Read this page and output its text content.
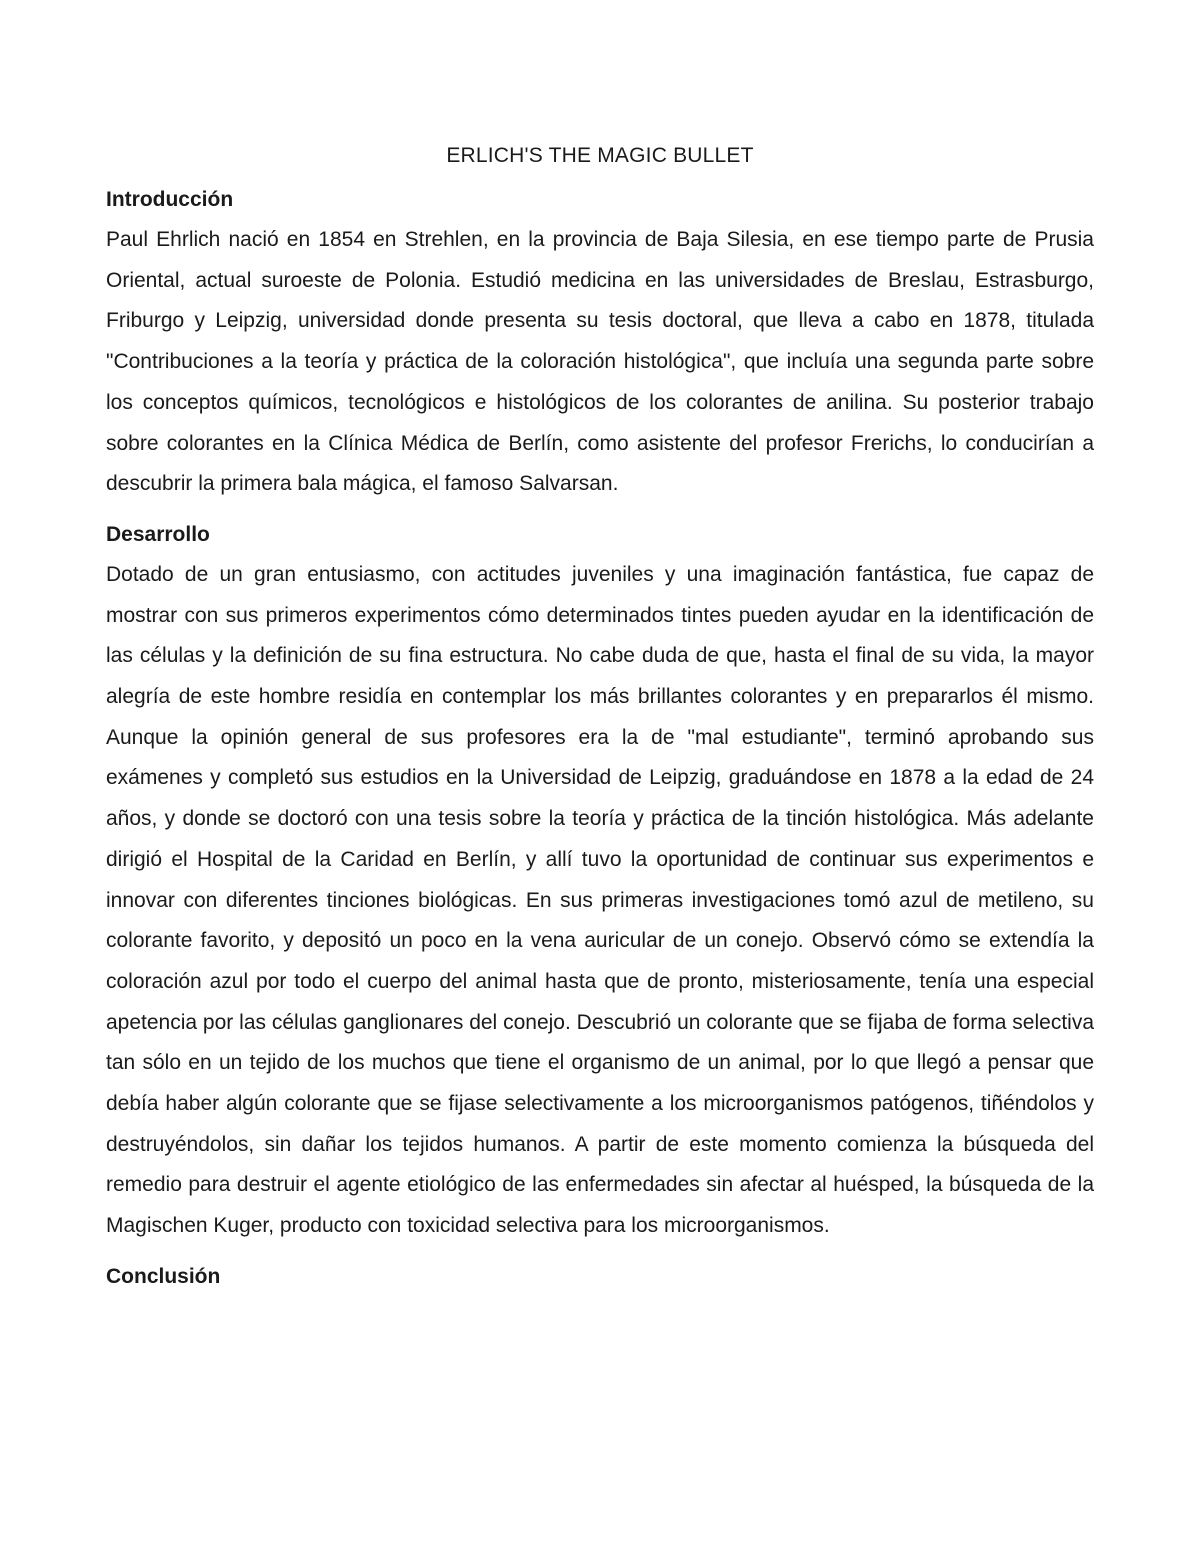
ERLICH'S THE MAGIC BULLET
Introducción
Paul Ehrlich nació en 1854 en Strehlen, en la provincia de Baja Silesia, en ese tiempo parte de Prusia Oriental, actual suroeste de Polonia. Estudió medicina en las universidades de Breslau, Estrasburgo, Friburgo y Leipzig, universidad donde presenta su tesis doctoral, que lleva a cabo en 1878, titulada "Contribuciones a la teoría y práctica de la coloración histológica", que incluía una segunda parte sobre los conceptos químicos, tecnológicos e histológicos de los colorantes de anilina. Su posterior trabajo sobre colorantes en la Clínica Médica de Berlín, como asistente del profesor Frerichs, lo conducirían a descubrir la primera bala mágica, el famoso Salvarsan.
Desarrollo
Dotado de un gran entusiasmo, con actitudes juveniles y una imaginación fantástica, fue capaz de mostrar con sus primeros experimentos cómo determinados tintes pueden ayudar en la identificación de las células y la definición de su fina estructura. No cabe duda de que, hasta el final de su vida, la mayor alegría de este hombre residía en contemplar los más brillantes colorantes y en prepararlos él mismo. Aunque la opinión general de sus profesores era la de "mal estudiante", terminó aprobando sus exámenes y completó sus estudios en la Universidad de Leipzig, graduándose en 1878 a la edad de 24 años, y donde se doctoró con una tesis sobre la teoría y práctica de la tinción histológica. Más adelante dirigió el Hospital de la Caridad en Berlín, y allí tuvo la oportunidad de continuar sus experimentos e innovar con diferentes tinciones biológicas. En sus primeras investigaciones tomó azul de metileno, su colorante favorito, y depositó un poco en la vena auricular de un conejo. Observó cómo se extendía la coloración azul por todo el cuerpo del animal hasta que de pronto, misteriosamente, tenía una especial apetencia por las células ganglionares del conejo. Descubrió un colorante que se fijaba de forma selectiva tan sólo en un tejido de los muchos que tiene el organismo de un animal, por lo que llegó a pensar que debía haber algún colorante que se fijase selectivamente a los microorganismos patógenos, tiñéndolos y destruyéndolos, sin dañar los tejidos humanos. A partir de este momento comienza la búsqueda del remedio para destruir el agente etiológico de las enfermedades sin afectar al huésped, la búsqueda de la Magischen Kuger, producto con toxicidad selectiva para los microorganismos.
Conclusión
